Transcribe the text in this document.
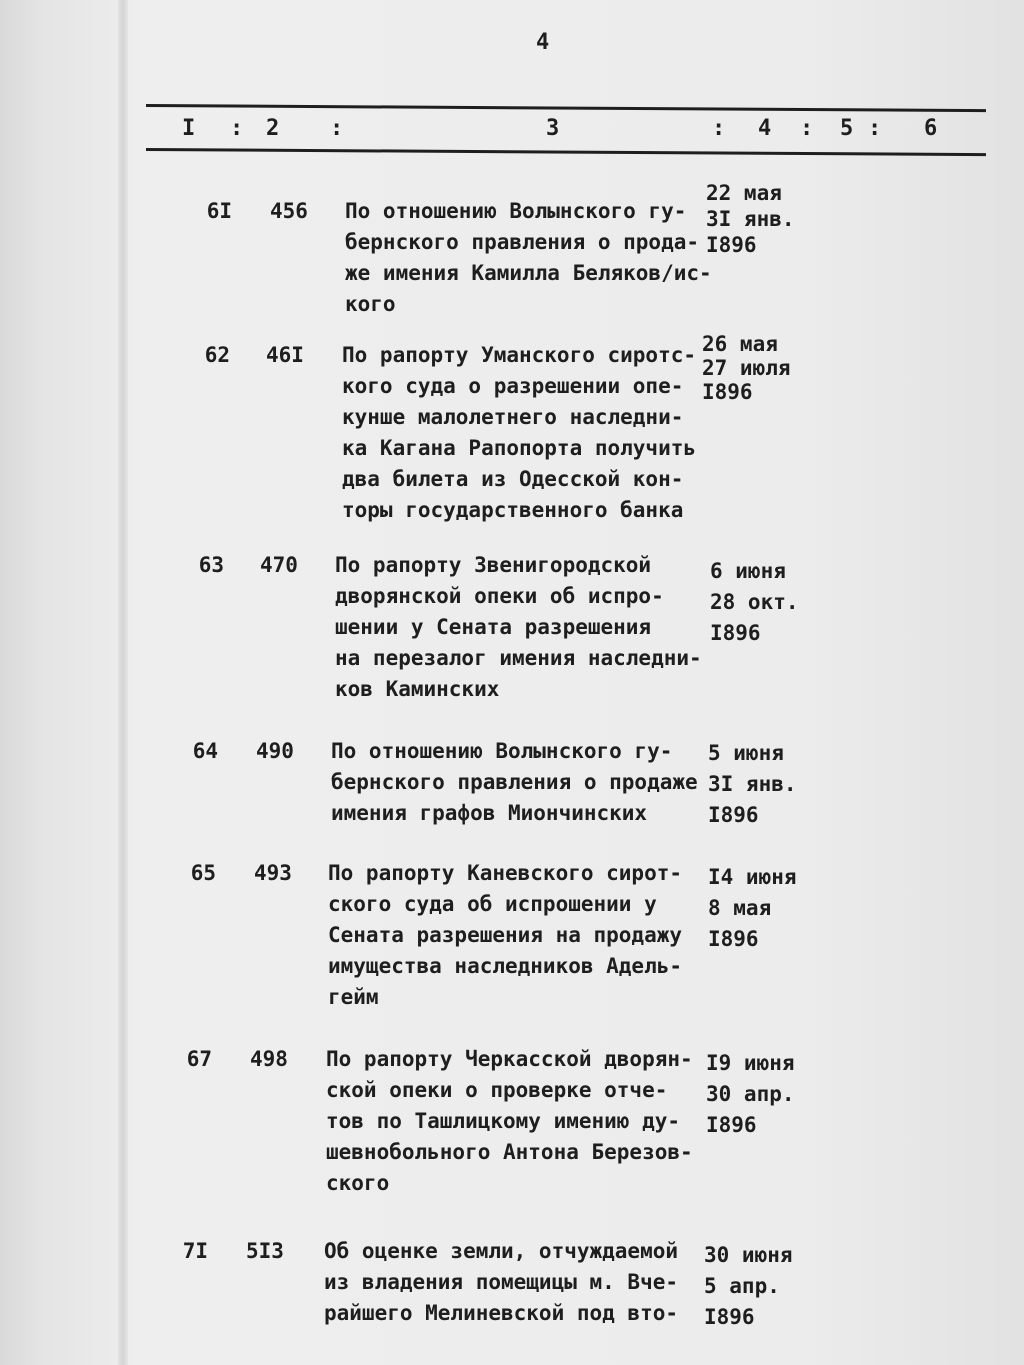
4
I : 2 :	3	: 4 : 5 : 6
6I 456	По отношению Волынского гу-
бернского правления о прода-
же имения Камилла Беляков/ис-
кого
22 мая
3I янв.
I896
62 46I	По рапорту Уманского сиротс-
кого суда о разрешении опе-
кунше малолетнего наследни-
ка Кагана Рапопорта получить
два билета из Одесской кон-
торы государственного банка
26 мая
27 июля
I896
63 470	По рапорту Звенигородской
дворянской опеки об испро-
шении у Сената разрешения
на перезалог имения наследни-
ков Каминских
6 июня
28 окт.
I896
64 490	По отношению Волынского гу-
бернского правления о продаже
имения графов Миончинских
5 июня
3I янв.
I896
65 493	По рапорту Каневского сирот-
ского суда об испрошении у
Сената разрешения на продажу
имущества наследников Адель-
гейм
I4 июня
8 мая
I896
67 498	По рапорту Черкасской дворян-
ской опеки о проверке отче-
тов по Ташлицкому имению ду-
шевнобольного Антона Березов-
ского
I9 июня
30 апр.
I896
7I 5I3	Об оценке земли, отчуждаемой
из владения помещицы м. Вче-
райшего Мелиневской под вто-
30 июня
5 апр.
I896
